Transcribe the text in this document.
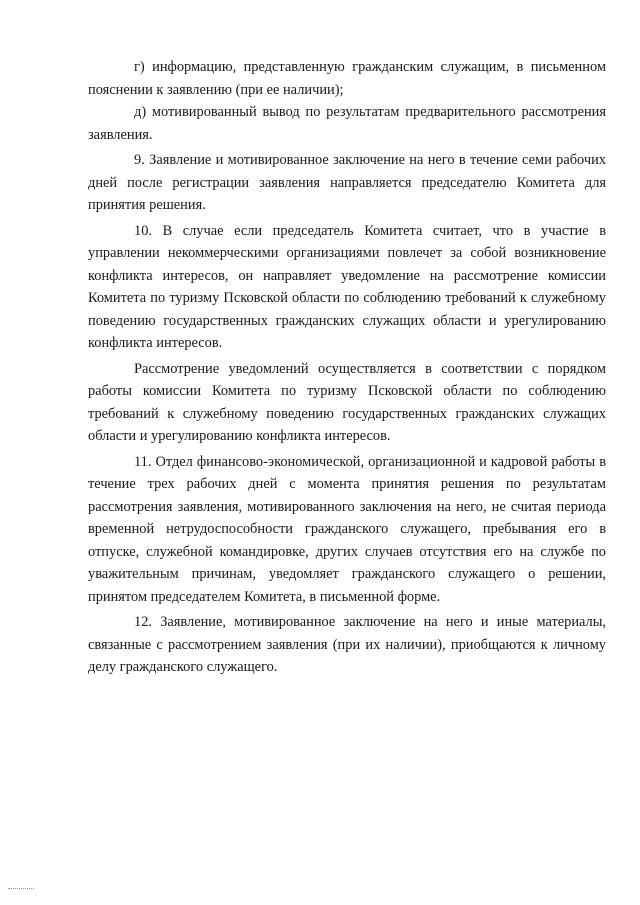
г) информацию, представленную гражданским служащим, в письменном пояснении к заявлению (при ее наличии);

д) мотивированный вывод по результатам предварительного рассмотрения заявления.

9. Заявление и мотивированное заключение на него в течение семи рабочих дней после регистрации заявления направляется председателю Комитета для принятия решения.

10. В случае если председатель Комитета считает, что в участие в управлении некоммерческими организациями повлечет за собой возникновение конфликта интересов, он направляет уведомление на рассмотрение комиссии Комитета по туризму Псковской области по соблюдению требований к служебному поведению государственных гражданских служащих области и урегулированию конфликта интересов.

Рассмотрение уведомлений осуществляется в соответствии с порядком работы комиссии Комитета по туризму Псковской области по соблюдению требований к служебному поведению государственных гражданских служащих области и урегулированию конфликта интересов.

11. Отдел финансово-экономической, организационной и кадровой работы в течение трех рабочих дней с момента принятия решения по результатам рассмотрения заявления, мотивированного заключения на него, не считая периода временной нетрудоспособности гражданского служащего, пребывания его в отпуске, служебной командировке, других случаев отсутствия его на службе по уважительным причинам, уведомляет гражданского служащего о решении, принятом председателем Комитета, в письменной форме.

12. Заявление, мотивированное заключение на него и иные материалы, связанные с рассмотрением заявления (при их наличии), приобщаются к личному делу гражданского служащего.
